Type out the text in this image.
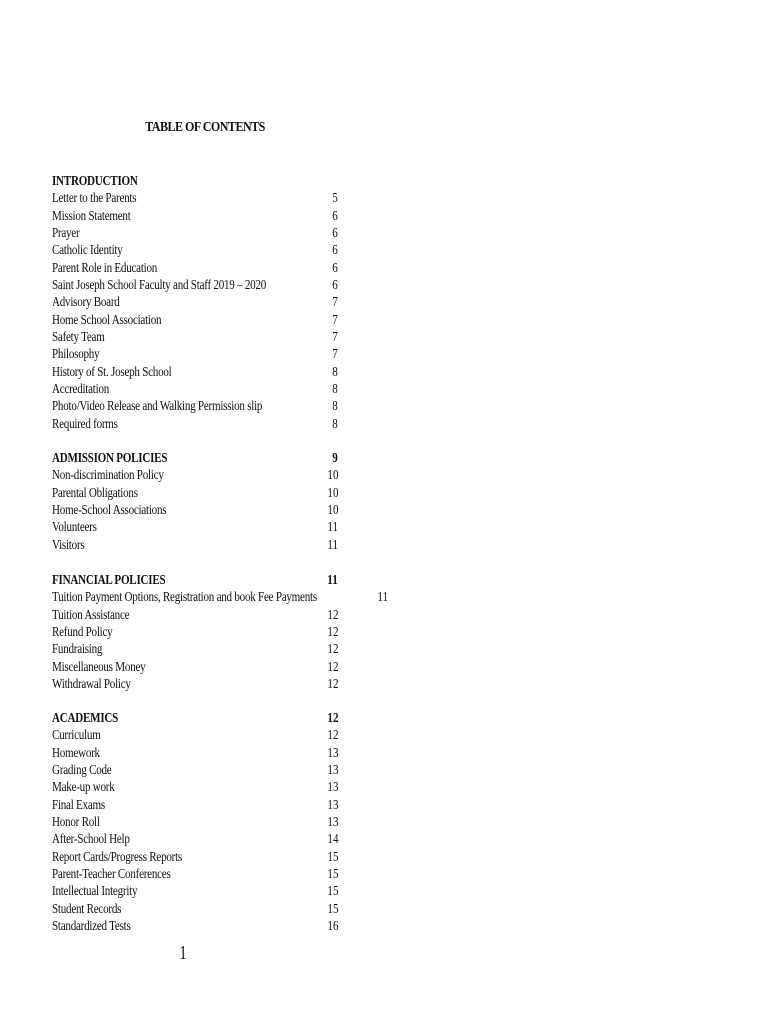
TABLE OF CONTENTS
INTRODUCTION
Letter to the Parents	5
Mission Statement	6
Prayer	6
Catholic Identity	6
Parent Role in Education	6
Saint Joseph School Faculty and Staff 2019 – 2020	6
Advisory Board	7
Home School Association	7
Safety Team	7
Philosophy	7
History of St. Joseph School	8
Accreditation	8
Photo/Video Release and Walking Permission slip	8
Required forms	8
ADMISSION POLICIES	9
Non-discrimination Policy	10
Parental Obligations	10
Home-School Associations	10
Volunteers	11
Visitors	11
FINANCIAL POLICIES	11
Tuition Payment Options, Registration and book Fee Payments	11
Tuition Assistance	12
Refund Policy	12
Fundraising	12
Miscellaneous Money	12
Withdrawal Policy	12
ACADEMICS	12
Curriculum	12
Homework	13
Grading Code	13
Make-up work	13
Final Exams	13
Honor Roll	13
After-School Help	14
Report Cards/Progress Reports	15
Parent-Teacher Conferences	15
Intellectual Integrity	15
Student Records	15
Standardized Tests	16
1
